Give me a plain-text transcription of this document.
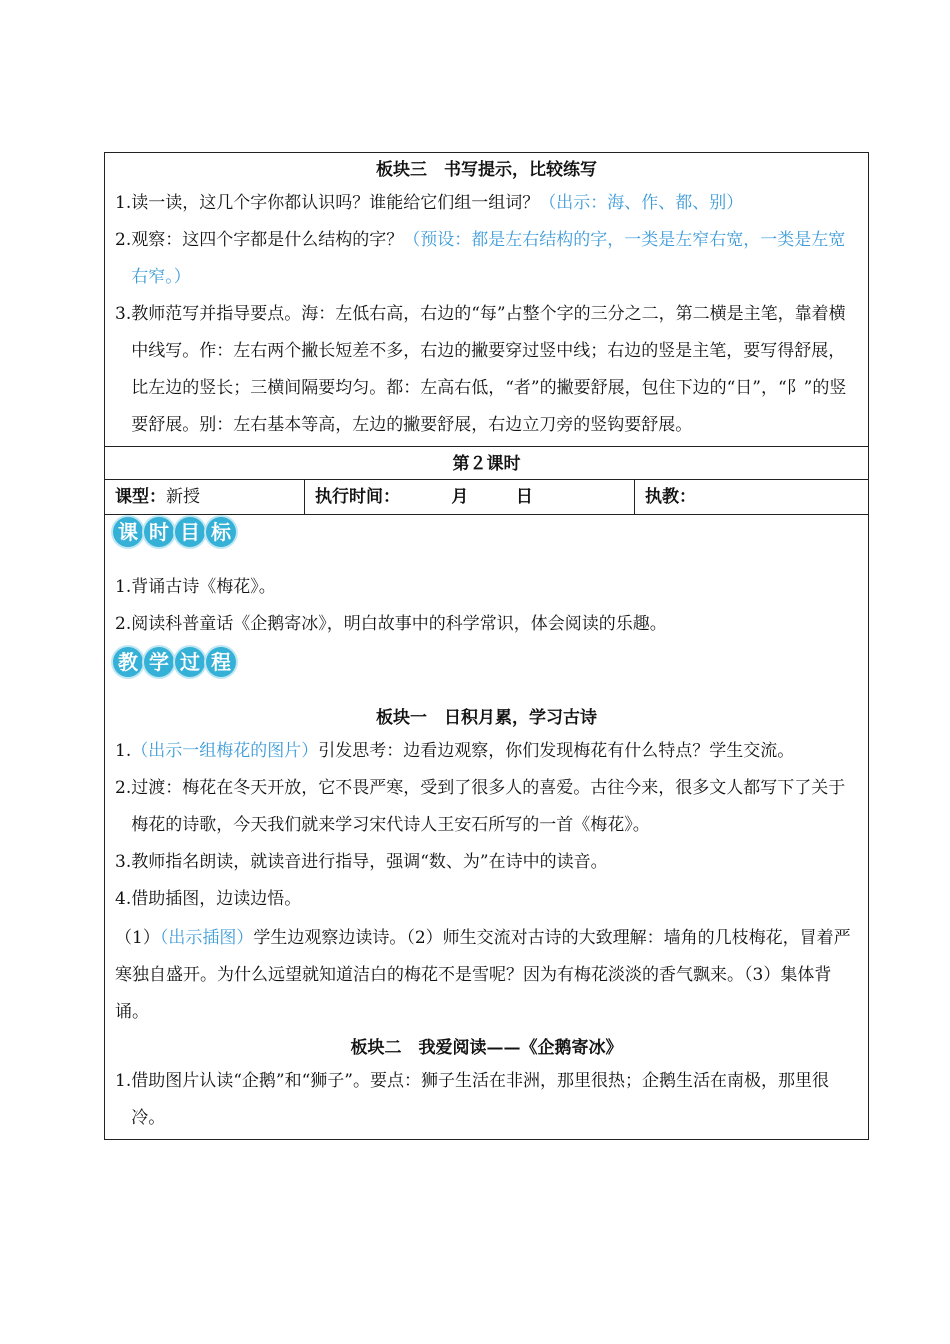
板块三　书写提示，比较练写
1. 读一读，这几个字你都认识吗？谁能给它们组一组词？（出示：海、作、都、别）
2. 观察：这四个字都是什么结构的字？（预设：都是左右结构的字，一类是左窄右宽，一类是左宽右窄。）
3. 教师范写并指导要点。海：左低右高，右边的“每”占整个字的三分之二，第二横是主笔，靠着横中线写。作：左右两个撇长短差不多，右边的撇要穿过竖中线；右边的竖是主笔，要写得舒展，比左边的竖长；三横间隔要均匀。都：左高右低，“者”的撇要舒展，包住下边的“日”，“阝”的竖要舒展。别：左右基本等高，左边的撇要舒展，右边立刀旁的竖钩要舒展。

第２课时

课型：新授	执行时间：	月	日	执教：

课 时 目 标
1. 背诵古诗《梅花》。
2. 阅读科普童话《企鹅寄冰》，明白故事中的科学常识，体会阅读的乐趣。
教 学 过 程
板块一　日积月累，学习古诗
1. （出示一组梅花的图片）引发思考：边看边观察，你们发现梅花有什么特点？学生交流。
2. 过渡：梅花在冬天开放，它不畏严寒，受到了很多人的喜爱。古往今来，很多文人都写下了关于梅花的诗歌，今天我们就来学习宋代诗人王安石所写的一首《梅花》。
3. 教师指名朗读，就读音进行指导，强调“数、为”在诗中的读音。
4. 借助插图，边读边悟。
（1）（出示插图）学生边观察边读诗。（2）师生交流对古诗的大致理解：墙角的几枝梅花，冒着严寒独自盛开。为什么远望就知道洁白的梅花不是雪呢？因为有梅花淡淡的香气飘来。（3）集体背诵。
板块二　我爱阅读——《企鹅寄冰》
1. 借助图片认读“企鹅”和“狮子”。要点：狮子生活在非洲，那里很热；企鹅生活在南极，那里很冷。
